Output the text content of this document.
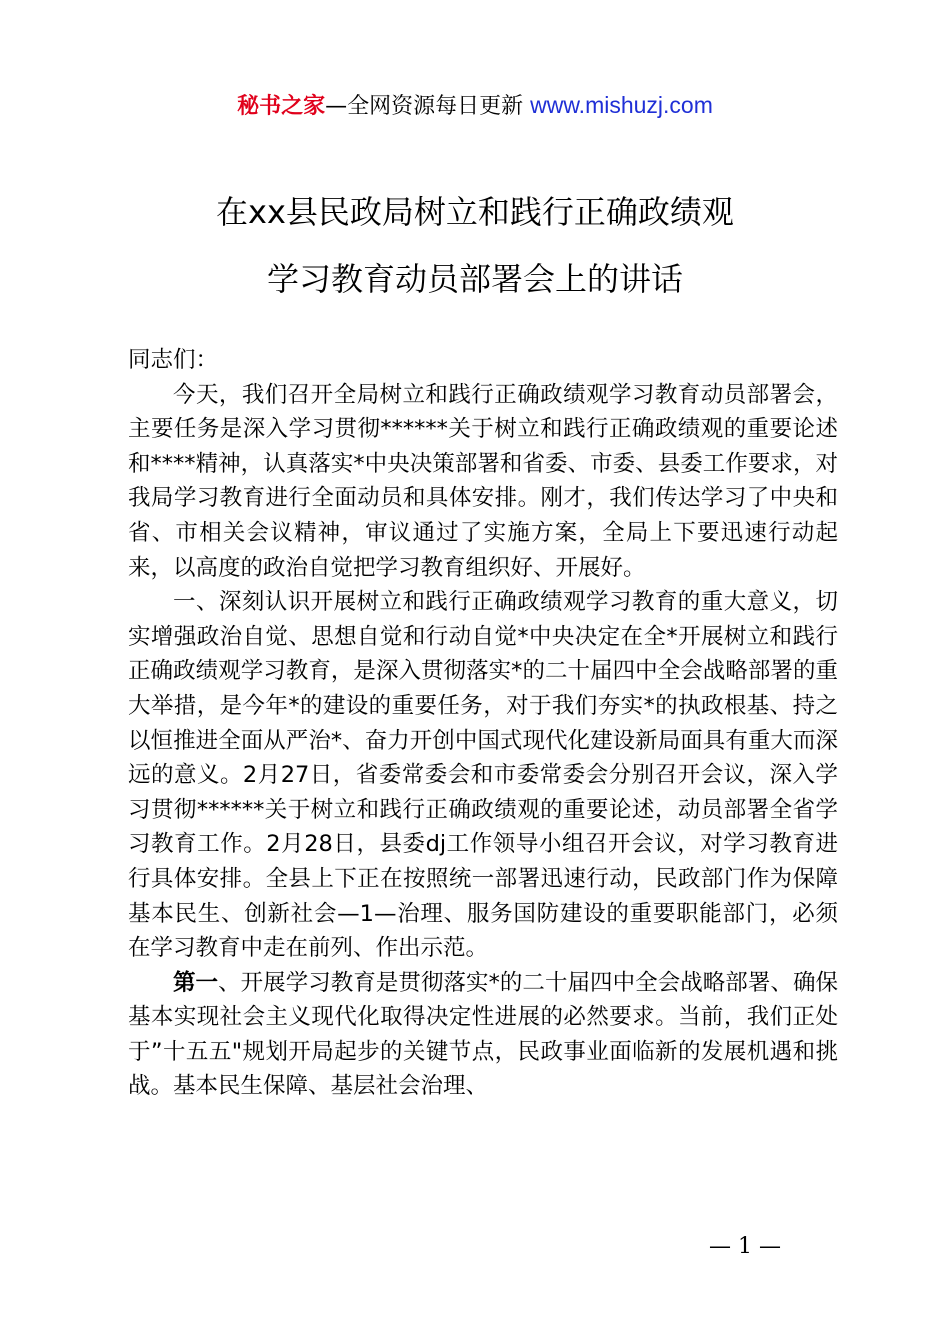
秘书之家—全网资源每日更新 www.mishuzj.com
在xx县民政局树立和践行正确政绩观
学习教育动员部署会上的讲话

同志们：

今天，我们召开全局树立和践行正确政绩观学习教育动员部署会，主要任务是深入学习贯彻******关于树立和践行正确政绩观的重要论述和****精神，认真落实*中央决策部署和省委、市委、县委工作要求，对我局学习教育进行全面动员和具体安排。刚才，我们传达学习了中央和省、市相关会议精神，审议通过了实施方案，全局上下要迅速行动起来，以高度的政治自觉把学习教育组织好、开展好。

一、深刻认识开展树立和践行正确政绩观学习教育的重大意义，切实增强政治自觉、思想自觉和行动自觉*中央决定在全*开展树立和践行正确政绩观学习教育，是深入贯彻落实*的二十届四中全会战略部署的重大举措，是今年*的建设的重要任务，对于我们夯实*的执政根基、持之以恒推进全面从严治*、奋力开创中国式现代化建设新局面具有重大而深远的意义。2月27日，省委常委会和市委常委会分别召开会议，深入学习贯彻******关于树立和践行正确政绩观的重要论述，动员部署全省学习教育工作。2月28日，县委dj工作领导小组召开会议，对学习教育进行具体安排。全县上下正在按照统一部署迅速行动，民政部门作为保障基本民生、创新社会—1—治理、服务国防建设的重要职能部门，必须在学习教育中走在前列、作出示范。

第一、开展学习教育是贯彻落实*的二十届四中全会战略部署、确保基本实现社会主义现代化取得决定性进展的必然要求。当前，我们正处于”十五五"规划开局起步的关键节点，民政事业面临新的发展机遇和挑战。基本民生保障、基层社会治理、

— 1 —
